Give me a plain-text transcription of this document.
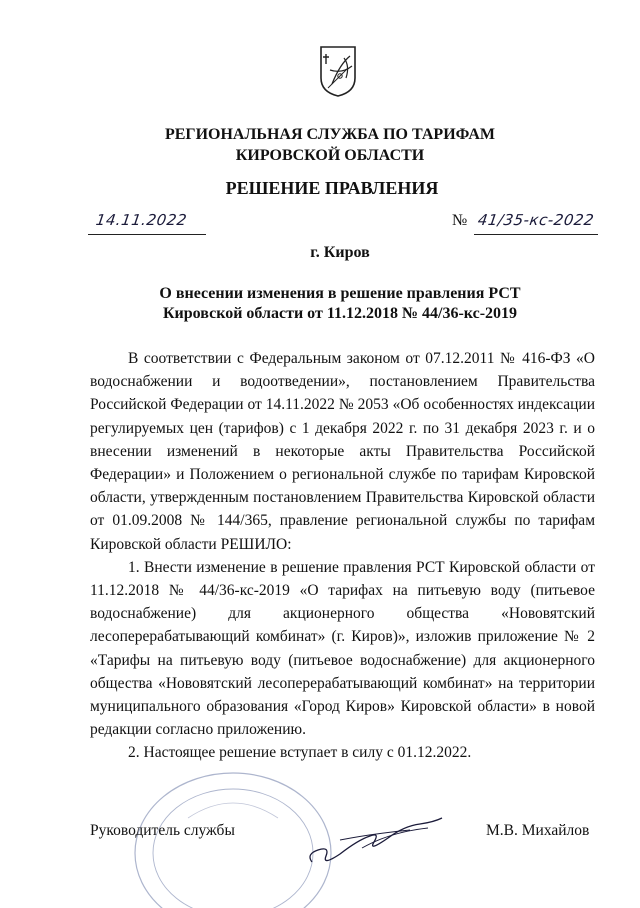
РЕГИОНАЛЬНАЯ СЛУЖБА ПО ТАРИФАМ
КИРОВСКОЙ ОБЛАСТИ
РЕШЕНИЕ ПРАВЛЕНИЯ
14.11.2022	№ 41/35-кс-2022
г. Киров
О внесении изменения в решение правления РСТ Кировской области от 11.12.2018 № 44/36-кс-2019

В соответствии с Федеральным законом от 07.12.2011 № 416-ФЗ «О водоснабжении и водоотведении», постановлением Правительства Российской Федерации от 14.11.2022 № 2053 «Об особенностях индексации регулируемых цен (тарифов) с 1 декабря 2022 г. по 31 декабря 2023 г. и о внесении изменений в некоторые акты Правительства Российской Федерации» и Положением о региональной службе по тарифам Кировской области, утвержденным постановлением Правительства Кировской области от 01.09.2008 № 144/365, правление региональной службы по тарифам Кировской области РЕШИЛО:

1. Внести изменение в решение правления РСТ Кировской области от 11.12.2018 № 44/36-кс-2019 «О тарифах на питьевую воду (питьевое водоснабжение) для акционерного общества «Нововятский лесоперерабатывающий комбинат» (г. Киров)», изложив приложение № 2 «Тарифы на питьевую воду (питьевое водоснабжение) для акционерного общества «Нововятский лесоперерабатывающий комбинат» на территории муниципального образования «Город Киров» Кировской области» в новой редакции согласно приложению.

2. Настоящее решение вступает в силу с 01.12.2022.

Руководитель службы	М.В. Михайлов
